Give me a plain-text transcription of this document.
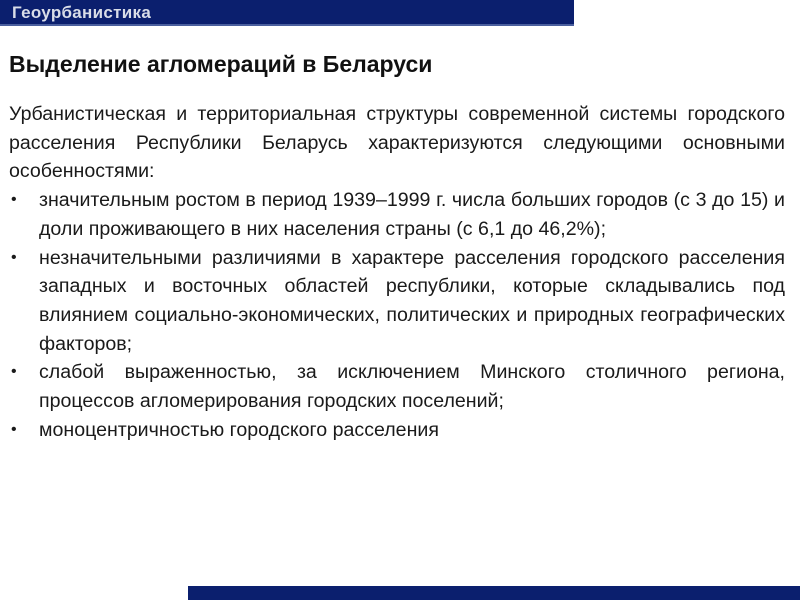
Геоурбанистика
Выделение агломераций в Беларуси

Урбанистическая и территориальная структуры современной системы городского расселения Республики Беларусь характеризуются следующими основными особенностями:

•	значительным ростом в период 1939–1999 г. числа больших городов (с 3 до 15) и доли проживающего в них населения страны (с 6,1 до 46,2%);
•	незначительными различиями в характере расселения городского расселения западных и восточных областей республики, которые складывались под влиянием социально-экономических, политических и природных географических факторов;
•	слабой выраженностью, за исключением Минского столичного региона, процессов агломерирования городских поселений;
•	моноцентричностью городского расселения
